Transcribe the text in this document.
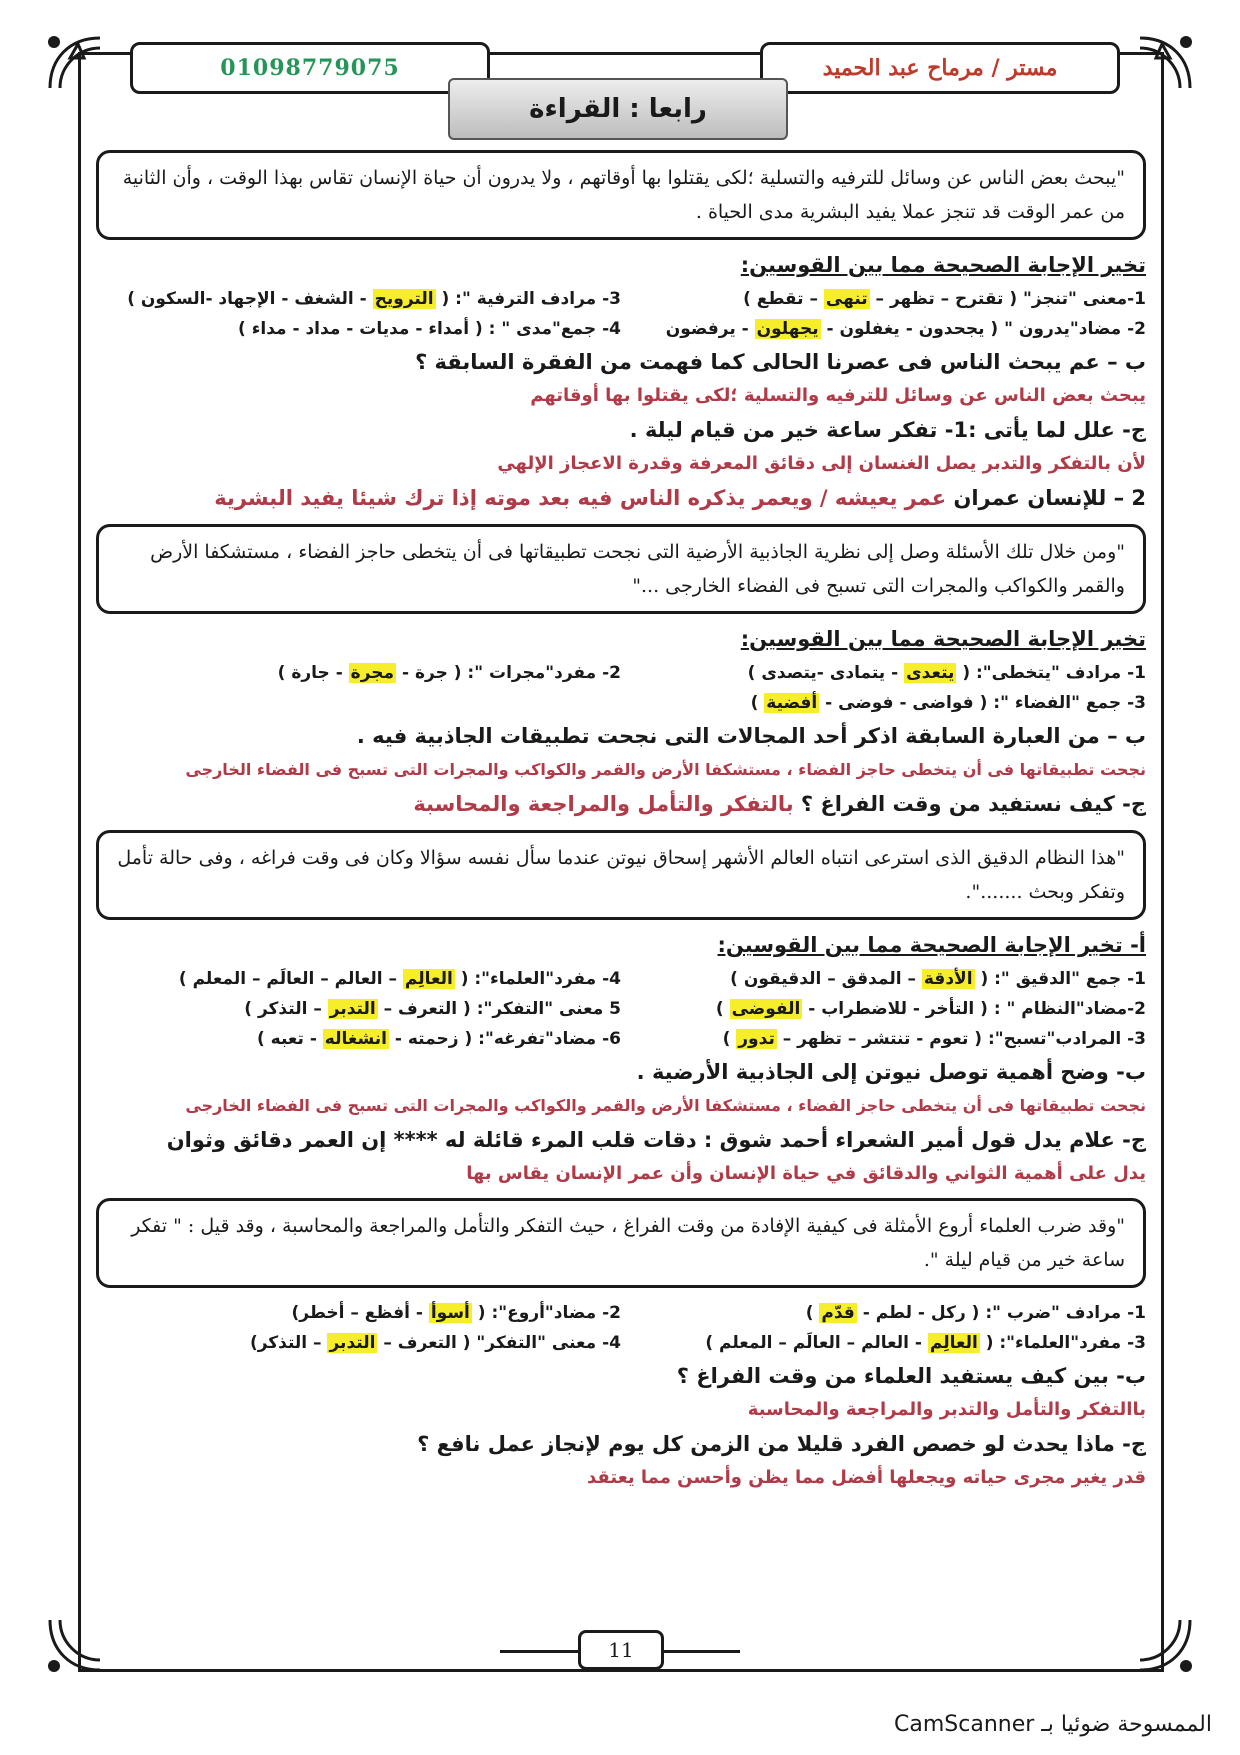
مستر / مرماح عبد الحميد
01098779075
رابعا : القراءة
"يبحث بعض الناس عن وسائل للترفيه والتسلية ؛لكى يقتلوا بها أوقاتهم ، ولا يدرون أن حياة الإنسان تقاس بهذا الوقت ، وأن الثانية من عمر الوقت قد تنجز عملا يفيد البشرية مدى الحياة .
تخير الإجابة الصحيحة مما بين القوسين:
1-معنى "تنجز" ( تقترح – تظهر – تنهى – تقطع )
3- مرادف الترفية ": ( الترويح - الشغف - الإجهاد -السكون )
2- مضاد"يدرون " ( يجحدون - يغفلون - يجهلون - يرفضون
4- جمع"مدى " : ( أمداء - مديات - مداد - مداء )
ب – عم يبحث الناس فى عصرنا الحالى كما فهمت من الفقرة السابقة ؟
يبحث بعض الناس عن وسائل للترفيه والتسلية ؛لكى يقتلوا بها أوقاتهم
ج- علل لما يأتى :1- تفكر ساعة خير من قيام ليلة .
لأن بالتفكر والتدبر يصل الغنسان إلى دقائق المعرفة وقدرة الاعجاز الإلهي
2 – للإنسان عمران عمر يعيشه / ويعمر يذكره الناس فيه بعد موته إذا ترك شيئا يفيد البشرية
"ومن خلال تلك الأسئلة وصل إلى نظرية الجاذبية الأرضية التى نجحت تطبيقاتها فى أن يتخطى حاجز الفضاء ، مستشكفا الأرض والقمر والكواكب والمجرات التى تسبح فى الفضاء الخارجى ..."
تخير الإجابة الصحيحة مما بين القوسين:
1- مرادف "يتخطى": ( يتعدى - يتمادى -يتصدى )
2- مفرد"مجرات ": ( جرة - مجرة - جارة )
3- جمع "الفضاء ": ( فواضى - فوضى - أفضية )
ب – من العبارة السابقة اذكر أحد المجالات التى نجحت تطبيقات الجاذبية فيه .
نجحت تطبيقاتها فى أن يتخطى حاجز الفضاء ، مستشكفا الأرض والقمر والكواكب والمجرات التى تسبح فى الفضاء الخارجى
ج- كيف نستفيد من وقت الفراغ ؟ بالتفكر والتأمل والمراجعة والمحاسبة
"هذا النظام الدقيق الذى استرعى انتباه العالم الأشهر إسحاق نيوتن عندما سأل نفسه سؤالا وكان فى وقت فراغه ، وفى حالة تأمل وتفكر وبحث .......".
أ- تخير الإجابة الصحيحة مما بين القوسين:
1- جمع "الدقيق ": ( الأدقة – المدقق – الدقيقون )
4- مفرد"العلماء": ( العالِم – العالم – العالَم – المعلم )
2-مضاد"النظام " : ( التأخر - للاضطراب - الفوضى )
5 معنى "التفكر": ( التعرف – التدبر – التذكر )
3- المرادب"تسبح": ( تعوم - تنتشر – تظهر – تدور )
6- مضاد"تفرغه": ( زحمته - انشغاله - تعبه )
ب- وضح أهمية توصل نيوتن إلى الجاذبية الأرضية .
نجحت تطبيقاتها فى أن يتخطى حاجز الفضاء ، مستشكفا الأرض والقمر والكواكب والمجرات التى تسبح فى الفضاء الخارجى
ج- علام يدل قول أمير الشعراء أحمد شوق : دقات قلب المرء قائلة له **** إن العمر دقائق وثوان
يدل على أهمية الثواني والدقائق في حياة الإنسان وأن عمر الإنسان يقاس بها
"وقد ضرب العلماء أروع الأمثلة فى كيفية الإفادة من وقت الفراغ ، حيث التفكر والتأمل والمراجعة والمحاسبة ، وقد قيل : " تفكر ساعة خير من قيام ليلة ".
1- مرادف "ضرب ": ( ركل - لطم - قدّم )
2- مضاد"أروع": ( أسوأ - أفظع – أخطر)
3- مفرد"العلماء": ( العالِم - العالم – العالَم – المعلم )
4- معنى "التفكر" ( التعرف – التدبر – التذكر)
ب- بين كيف يستفيد العلماء من وقت الفراغ ؟
باالتفكر والتأمل والتدبر والمراجعة والمحاسبة
ج- ماذا يحدث لو خصص الفرد قليلا من الزمن كل يوم لإنجاز عمل نافع ؟
قدر يغير مجرى حياته ويجعلها أفضل مما يظن وأحسن مما يعتقد
11
الممسوحة ضوئيا بـ CamScanner
